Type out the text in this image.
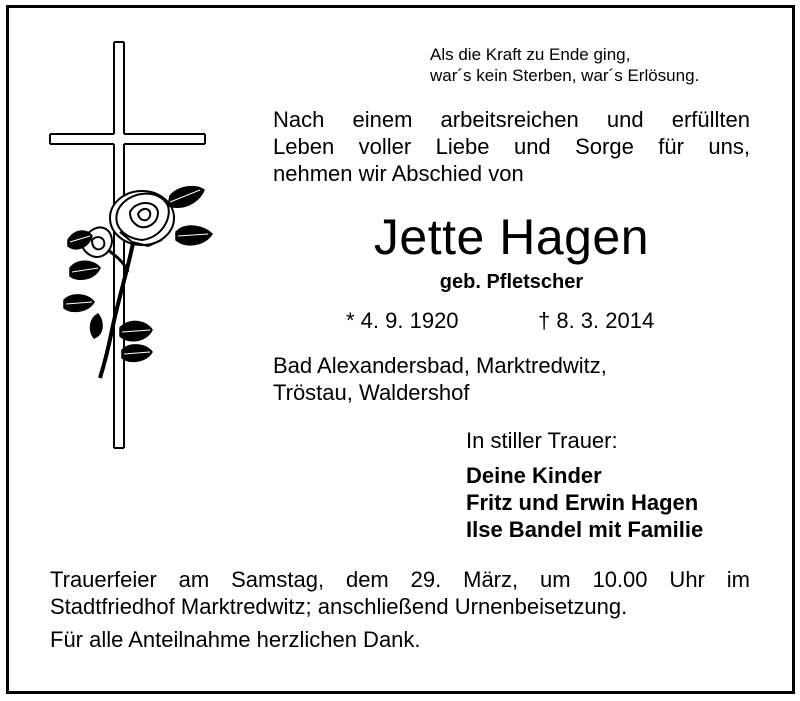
Als die Kraft zu Ende ging,
war´s kein Sterben, war´s Erlösung.
Nach einem arbeitsreichen und erfüllten
Leben voller Liebe und Sorge für uns,
nehmen wir Abschied von
Jette Hagen
geb. Pfletscher
* 4. 9. 1920	† 8. 3. 2014
Bad Alexandersbad, Marktredwitz,
Tröstau, Waldershof
In stiller Trauer:
Deine Kinder
Fritz und Erwin Hagen
Ilse Bandel mit Familie
Trauerfeier am Samstag, dem 29. März, um 10.00 Uhr im
Stadtfriedhof Marktredwitz; anschließend Urnenbeisetzung.
Für alle Anteilnahme herzlichen Dank.
